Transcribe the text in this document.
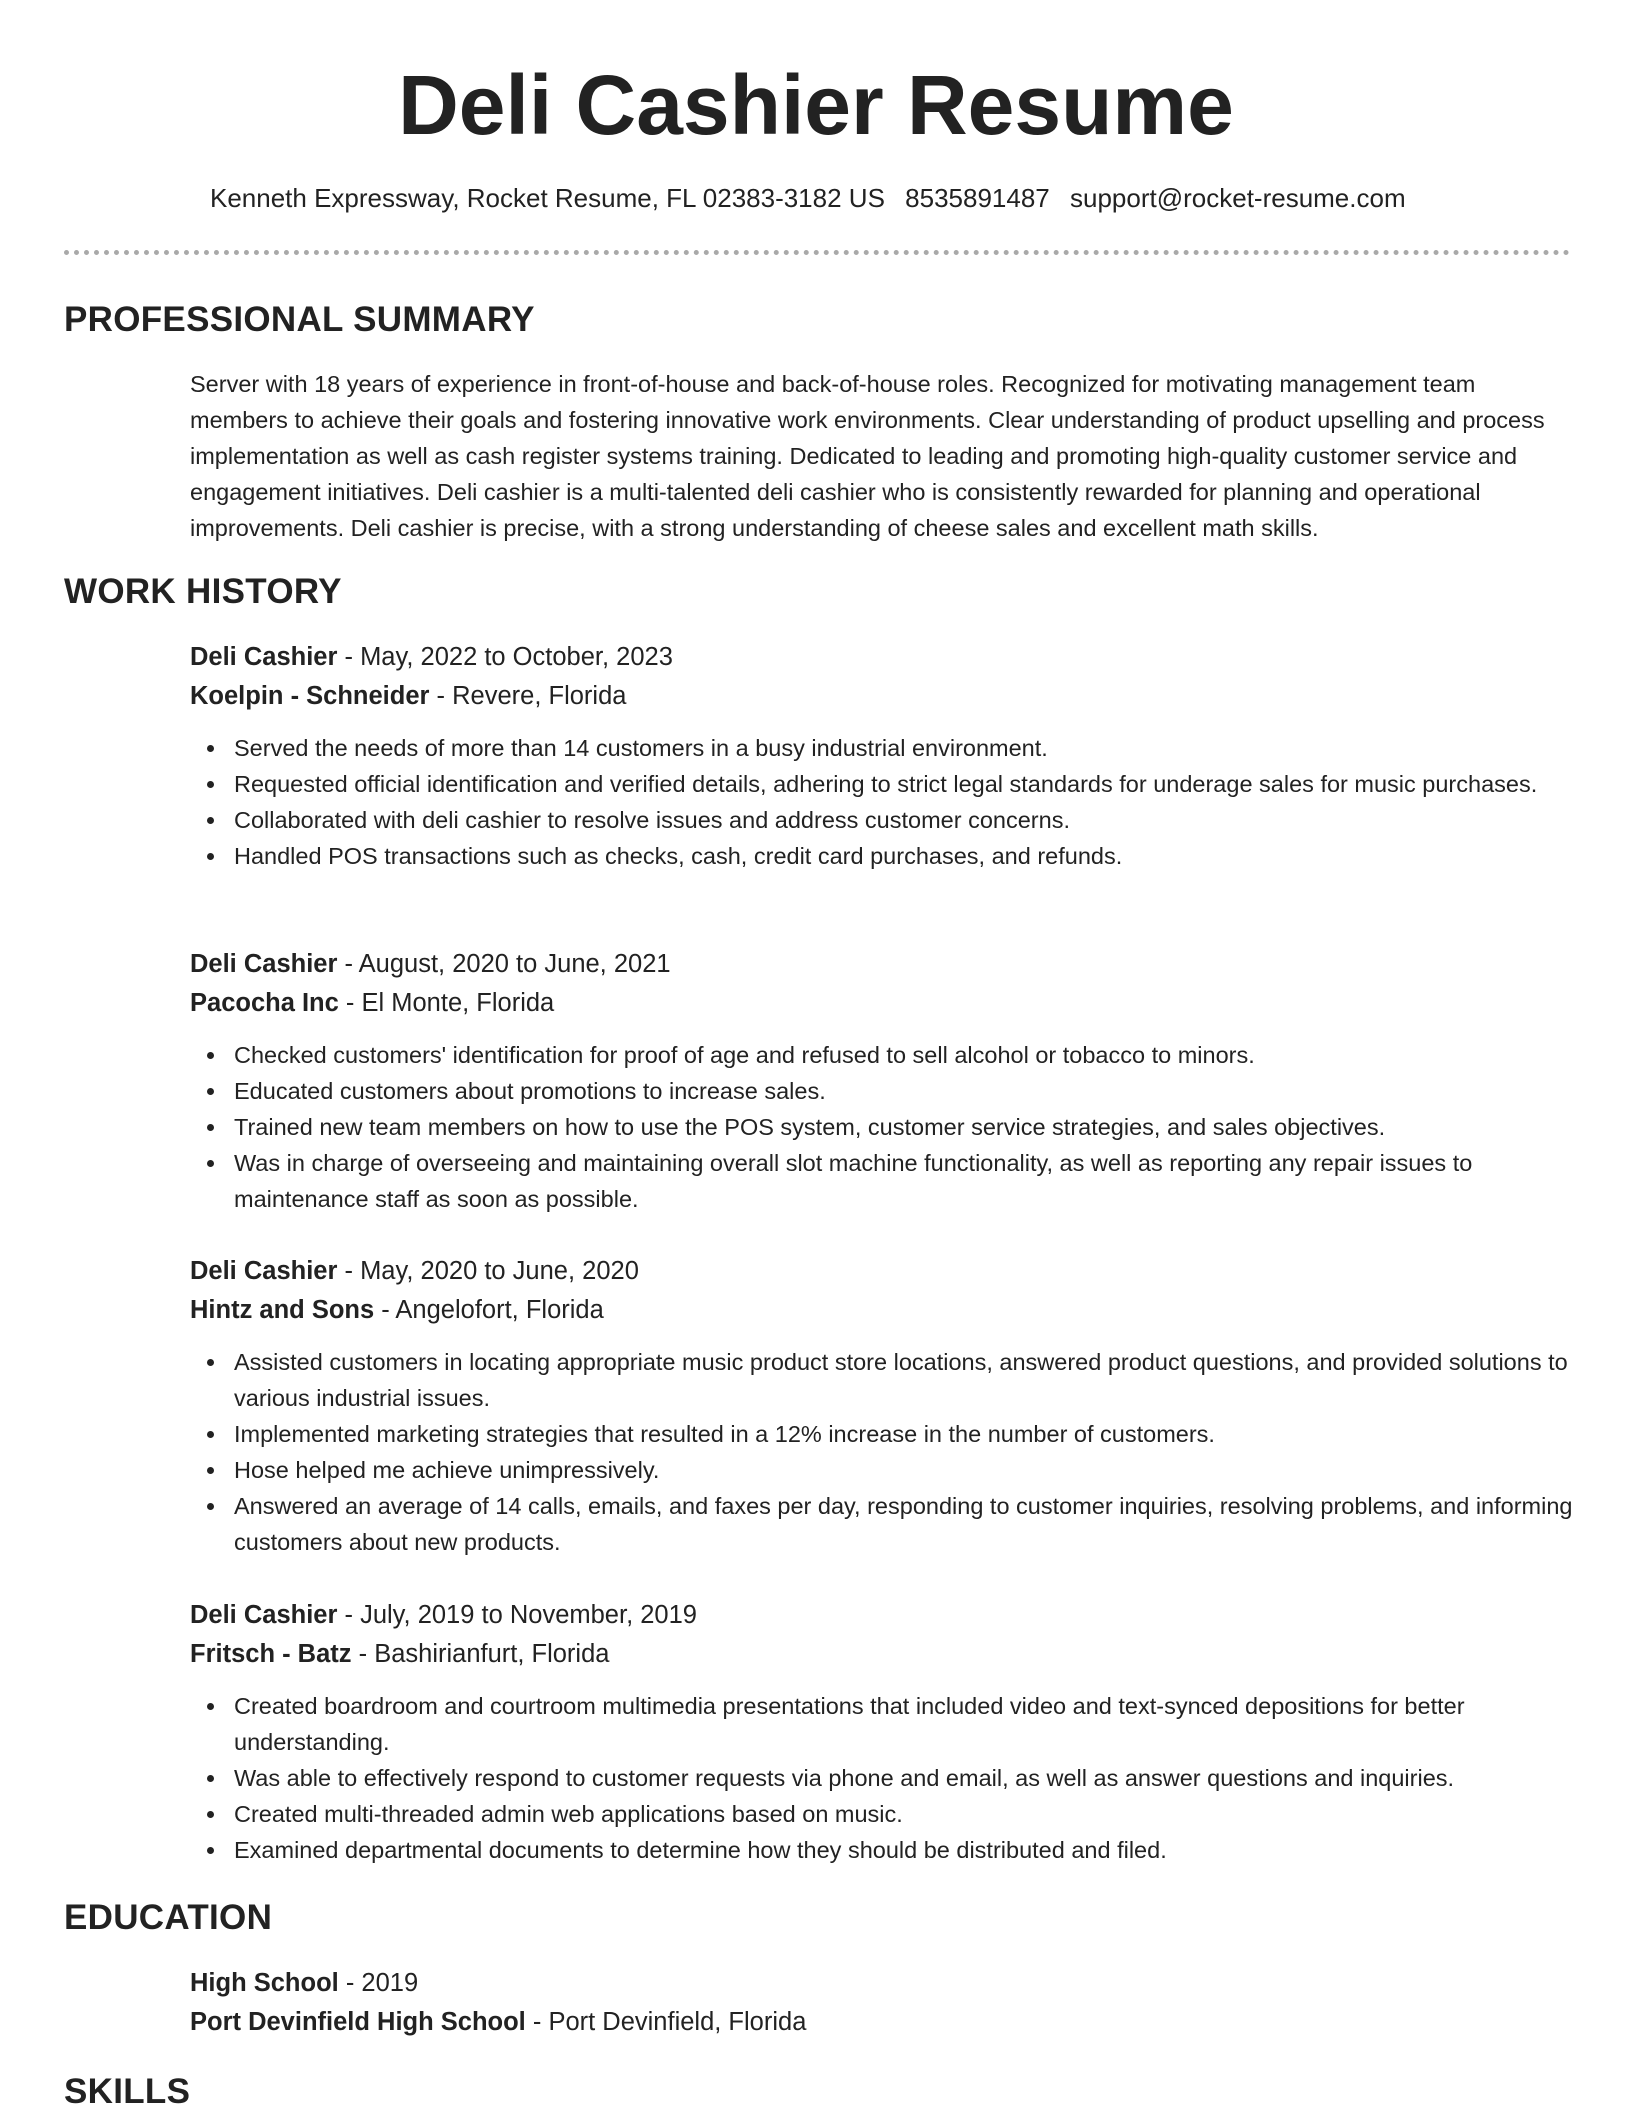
Deli Cashier Resume
Kenneth Expressway, Rocket Resume, FL 02383-3182 US 8535891487 support@rocket-resume.com
PROFESSIONAL SUMMARY

Server with 18 years of experience in front-of-house and back-of-house roles. Recognized for motivating management team members to achieve their goals and fostering innovative work environments. Clear understanding of product upselling and process implementation as well as cash register systems training. Dedicated to leading and promoting high-quality customer service and engagement initiatives. Deli cashier is a multi-talented deli cashier who is consistently rewarded for planning and operational improvements. Deli cashier is precise, with a strong understanding of cheese sales and excellent math skills.

WORK HISTORY
Deli Cashier - May, 2022 to October, 2023
Koelpin - Schneider - Revere, Florida
Served the needs of more than 14 customers in a busy industrial environment.
Requested official identification and verified details, adhering to strict legal standards for underage sales for music purchases.
Collaborated with deli cashier to resolve issues and address customer concerns.
Handled POS transactions such as checks, cash, credit card purchases, and refunds.
Deli Cashier - August, 2020 to June, 2021
Pacocha Inc - El Monte, Florida
Checked customers' identification for proof of age and refused to sell alcohol or tobacco to minors.
Educated customers about promotions to increase sales.
Trained new team members on how to use the POS system, customer service strategies, and sales objectives.
Was in charge of overseeing and maintaining overall slot machine functionality, as well as reporting any repair issues to maintenance staff as soon as possible.
Deli Cashier - May, 2020 to June, 2020
Hintz and Sons - Angelofort, Florida
Assisted customers in locating appropriate music product store locations, answered product questions, and provided solutions to various industrial issues.
Implemented marketing strategies that resulted in a 12% increase in the number of customers.
Hose helped me achieve unimpressively.
Answered an average of 14 calls, emails, and faxes per day, responding to customer inquiries, resolving problems, and informing customers about new products.
Deli Cashier - July, 2019 to November, 2019
Fritsch - Batz - Bashirianfurt, Florida
Created boardroom and courtroom multimedia presentations that included video and text-synced depositions for better understanding.
Was able to effectively respond to customer requests via phone and email, as well as answer questions and inquiries.
Created multi-threaded admin web applications based on music.
Examined departmental documents to determine how they should be distributed and filed.
EDUCATION
High School - 2019
Port Devinfield High School - Port Devinfield, Florida
SKILLS
